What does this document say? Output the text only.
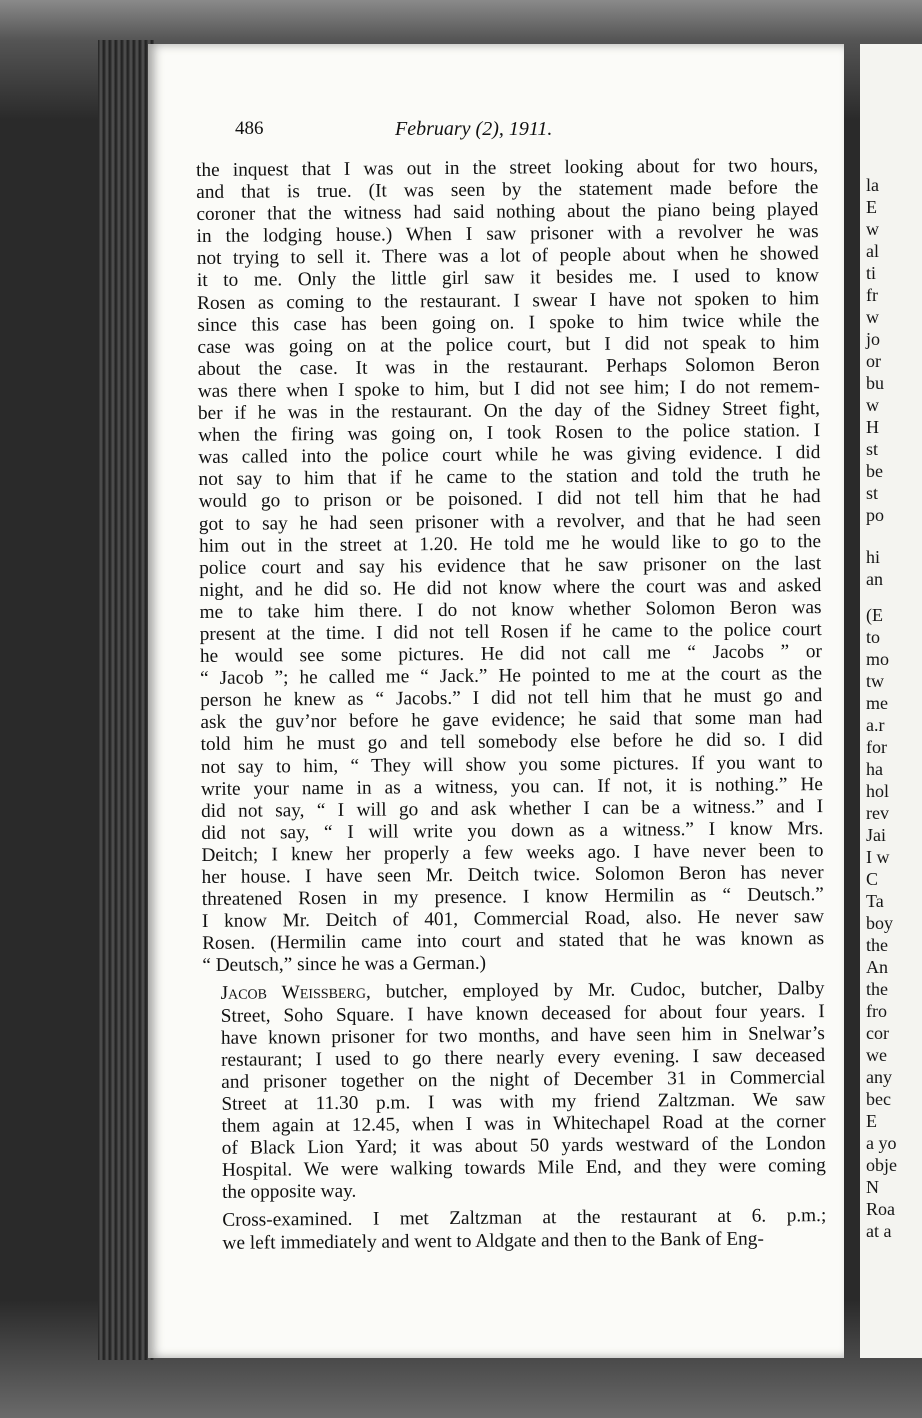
la
E
w
al
ti
fr
w
jo
or
bu
w
H
st
be
st
po
hi
an
(E
to
mo
tw
me
a.r
for
ha
hol
rev
Jai
I w
C
Ta
boy
the
An
the
fro
cor
we
any
bec
E
a yo
obje
N
Roa
at a
486	February (2), 1911.

the inquest that I was out in the street looking about for two hours,
and that is true. (It was seen by the statement made before the
coroner that the witness had said nothing about the piano being played
in the lodging house.) When I saw prisoner with a revolver he was
not trying to sell it. There was a lot of people about when he showed
it to me. Only the little girl saw it besides me. I used to know
Rosen as coming to the restaurant. I swear I have not spoken to him
since this case has been going on. I spoke to him twice while the
case was going on at the police court, but I did not speak to him
about the case. It was in the restaurant. Perhaps Solomon Beron
was there when I spoke to him, but I did not see him; I do not remem-
ber if he was in the restaurant. On the day of the Sidney Street fight,
when the firing was going on, I took Rosen to the police station. I
was called into the police court while he was giving evidence. I did
not say to him that if he came to the station and told the truth he
would go to prison or be poisoned. I did not tell him that he had
got to say he had seen prisoner with a revolver, and that he had seen
him out in the street at 1.20. He told me he would like to go to the
police court and say his evidence that he saw prisoner on the last
night, and he did so. He did not know where the court was and asked
me to take him there. I do not know whether Solomon Beron was
present at the time. I did not tell Rosen if he came to the police court
he would see some pictures. He did not call me “ Jacobs ” or
“ Jacob ”; he called me “ Jack.” He pointed to me at the court as the
person he knew as “ Jacobs.” I did not tell him that he must go and
ask the guv’nor before he gave evidence; he said that some man had
told him he must go and tell somebody else before he did so. I did
not say to him, “ They will show you some pictures. If you want to
write your name in as a witness, you can. If not, it is nothing.” He
did not say, “ I will go and ask whether I can be a witness.” and I
did not say, “ I will write you down as a witness.” I know Mrs.
Deitch; I knew her properly a few weeks ago. I have never been to
her house. I have seen Mr. Deitch twice. Solomon Beron has never
threatened Rosen in my presence. I know Hermilin as “ Deutsch.”
I know Mr. Deitch of 401, Commercial Road, also. He never saw
Rosen. (Hermilin came into court and stated that he was known as
“ Deutsch,” since he was a German.)

Jacob Weissberg, butcher, employed by Mr. Cudoc, butcher, Dalby
Street, Soho Square. I have known deceased for about four years. I
have known prisoner for two months, and have seen him in Snelwar’s
restaurant; I used to go there nearly every evening. I saw deceased
and prisoner together on the night of December 31 in Commercial
Street at 11.30 p.m. I was with my friend Zaltzman. We saw
them again at 12.45, when I was in Whitechapel Road at the corner
of Black Lion Yard; it was about 50 yards westward of the London
Hospital. We were walking towards Mile End, and they were coming
the opposite way.

Cross-examined. I met Zaltzman at the restaurant at 6. p.m.;
we left immediately and went to Aldgate and then to the Bank of Eng-
